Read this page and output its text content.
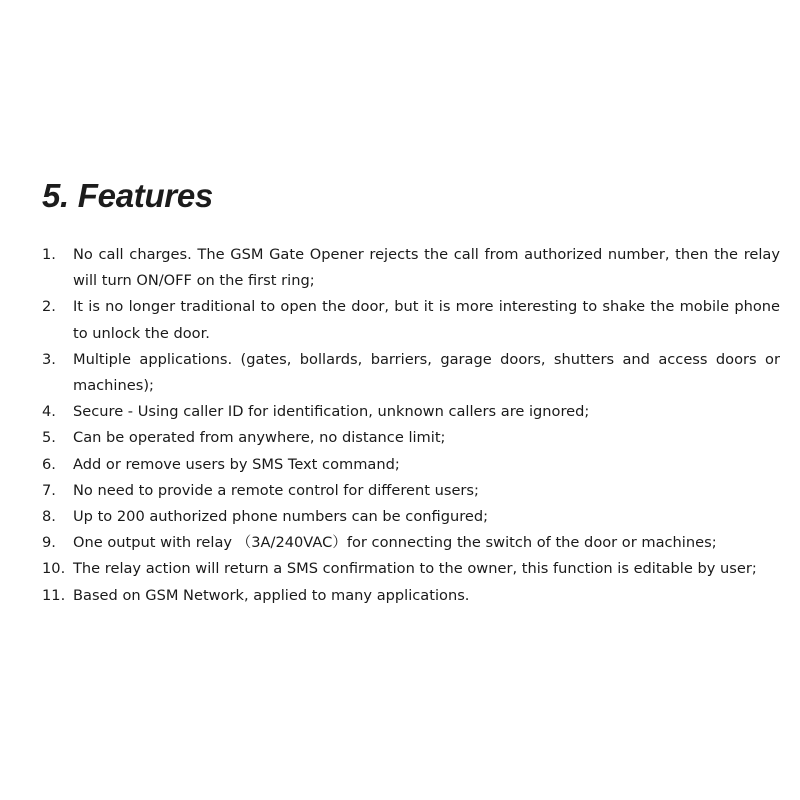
5. Features
1.	No call charges. The GSM Gate Opener rejects the call from authorized number, then the relay will turn ON/OFF on the first ring;
2.	It is no longer traditional to open the door, but it is more interesting to shake the mobile phone to unlock the door.
3.	Multiple applications. (gates, bollards, barriers, garage doors, shutters and access doors or machines);
4.	Secure - Using caller ID for identification, unknown callers are ignored;
5.	Can be operated from anywhere, no distance limit;
6.	Add or remove users by SMS Text command;
7.	No need to provide a remote control for different users;
8.	Up to 200 authorized phone numbers can be configured;
9.	One output with relay （3A/240VAC）for connecting the switch of the door or machines;
10. The relay action will return a SMS confirmation to the owner, this function is editable by user;
11. Based on GSM Network, applied to many applications.
